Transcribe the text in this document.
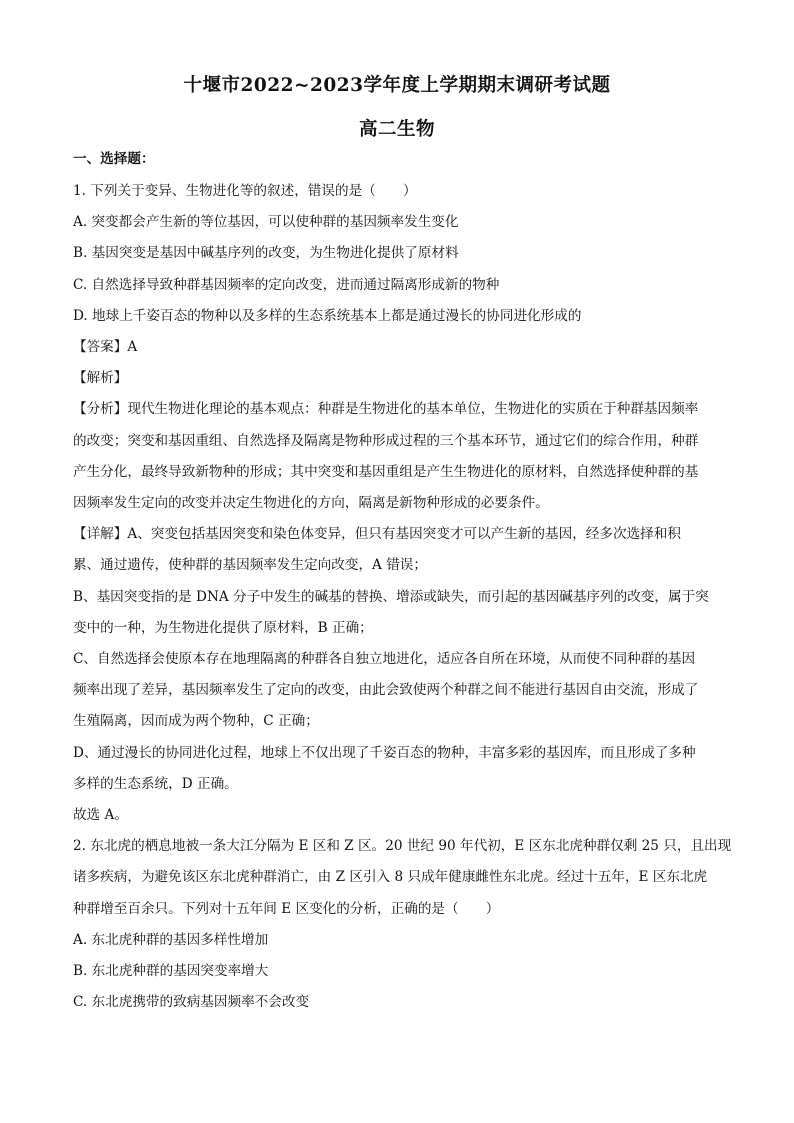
十堰市2022~2023学年度上学期期末调研考试题
高二生物
一、选择题：
1. 下列关于变异、生物进化等的叙述，错误的是（　　）
A. 突变都会产生新的等位基因，可以使种群的基因频率发生变化
B. 基因突变是基因中碱基序列的改变，为生物进化提供了原材料
C. 自然选择导致种群基因频率的定向改变，进而通过隔离形成新的物种
D. 地球上千姿百态的物种以及多样的生态系统基本上都是通过漫长的协同进化形成的
【答案】A
【解析】
【分析】现代生物进化理论的基本观点：种群是生物进化的基本单位，生物进化的实质在于种群基因频率
的改变；突变和基因重组、自然选择及隔离是物种形成过程的三个基本环节，通过它们的综合作用，种群
产生分化，最终导致新物种的形成；其中突变和基因重组是产生生物进化的原材料，自然选择使种群的基
因频率发生定向的改变并决定生物进化的方向，隔离是新物种形成的必要条件。
【详解】A、突变包括基因突变和染色体变异，但只有基因突变才可以产生新的基因，经多次选择和积
累、通过遗传，使种群的基因频率发生定向改变，A 错误；
B、基因突变指的是 DNA 分子中发生的碱基的替换、增添或缺失，而引起的基因碱基序列的改变，属于突
变中的一种，为生物进化提供了原材料，B 正确；
C、自然选择会使原本存在地理隔离的种群各自独立地进化，适应各自所在环境，从而使不同种群的基因
频率出现了差异，基因频率发生了定向的改变，由此会致使两个种群之间不能进行基因自由交流，形成了
生殖隔离，因而成为两个物种，C 正确；
D、通过漫长的协同进化过程，地球上不仅出现了千姿百态的物种，丰富多彩的基因库，而且形成了多种
多样的生态系统，D 正确。
故选 A。
2. 东北虎的栖息地被一条大江分隔为 E 区和 Z 区。20 世纪 90 年代初，E 区东北虎种群仅剩 25 只，且出现
诸多疾病，为避免该区东北虎种群消亡，由 Z 区引入 8 只成年健康雌性东北虎。经过十五年，E 区东北虎
种群增至百余只。下列对十五年间 E 区变化的分析，正确的是（　　）
A. 东北虎种群的基因多样性增加
B. 东北虎种群的基因突变率增大
C. 东北虎携带的致病基因频率不会改变
